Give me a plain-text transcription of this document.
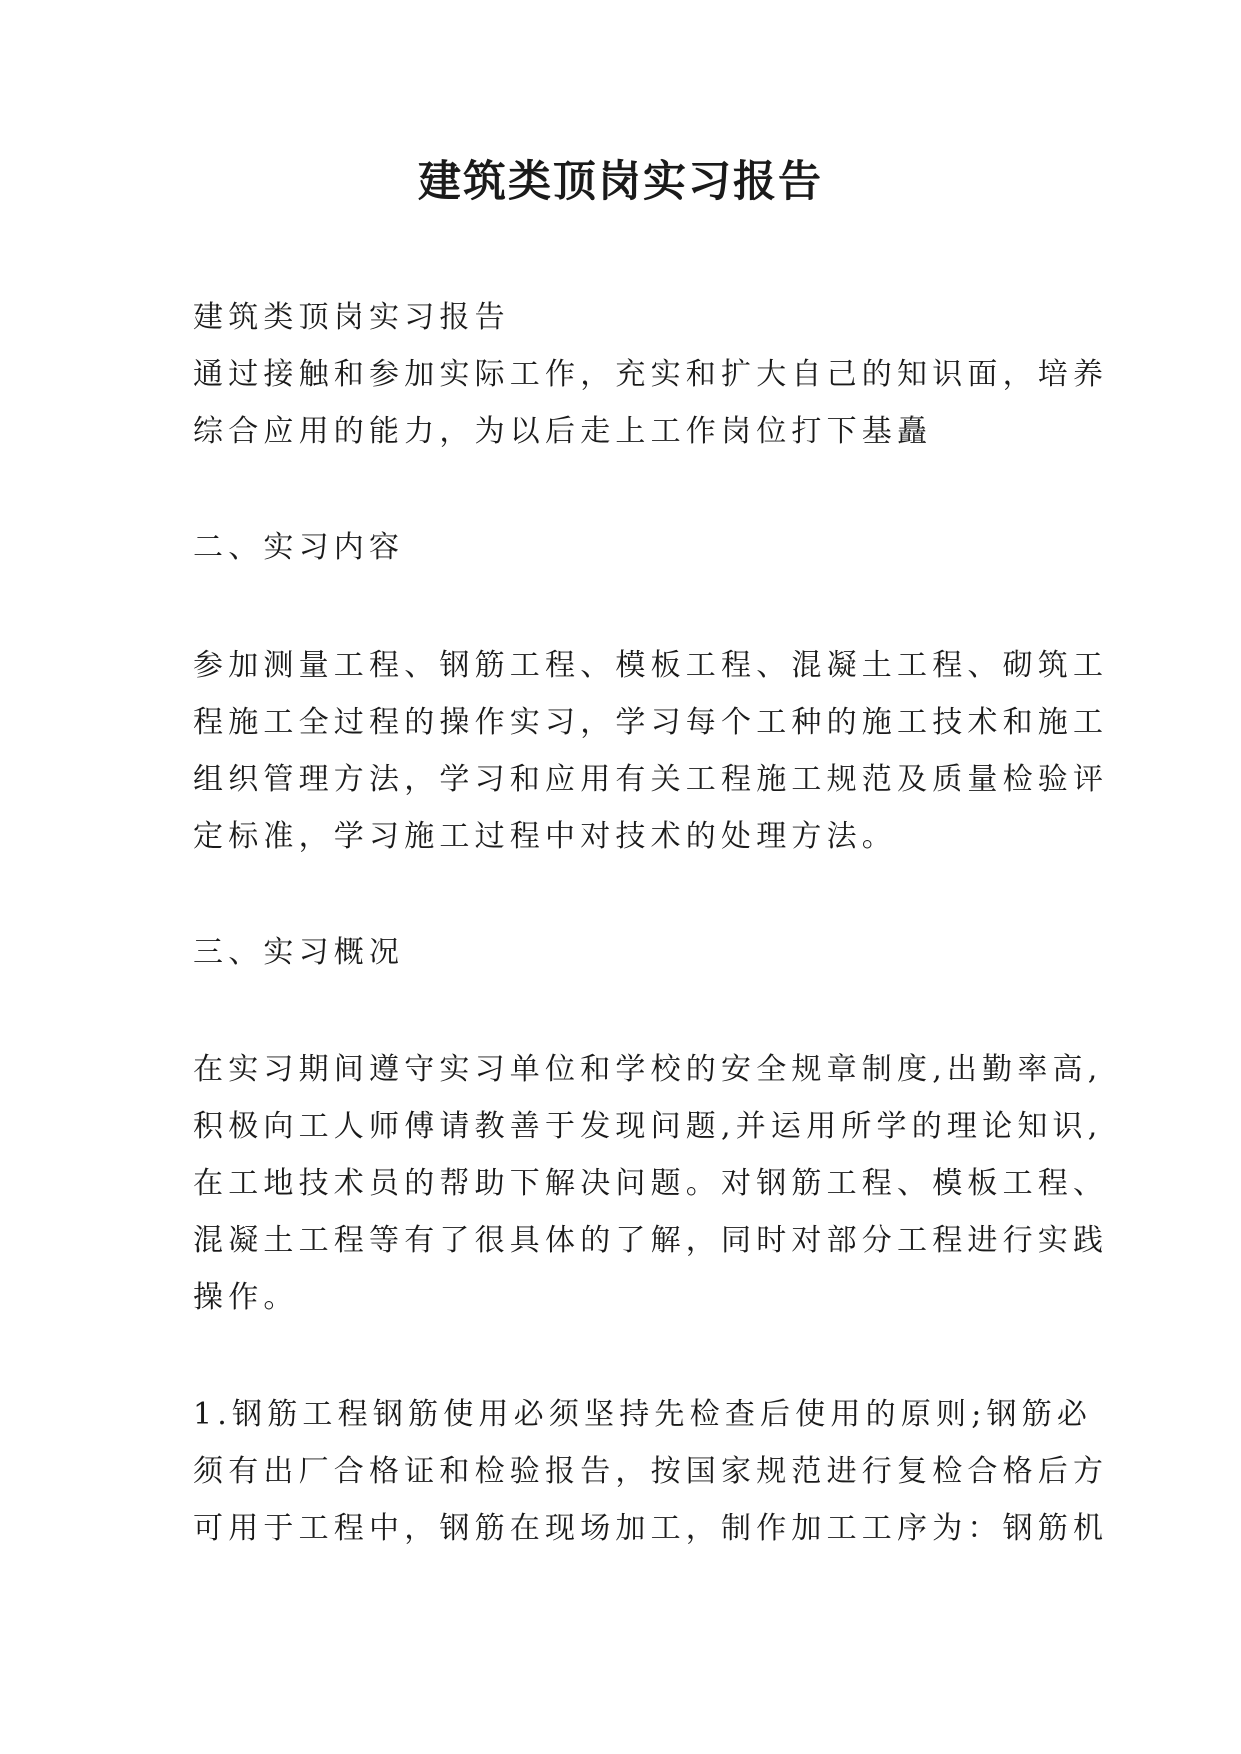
建筑类顶岗实习报告

建筑类顶岗实习报告

通过接触和参加实际工作，充实和扩大自己的知识面，培养

综合应用的能力，为以后走上工作岗位打下基矗

二、实习内容

参加测量工程、钢筋工程、模板工程、混凝土工程、砌筑工

程施工全过程的操作实习，学习每个工种的施工技术和施工

组织管理方法，学习和应用有关工程施工规范及质量检验评

定标准，学习施工过程中对技术的处理方法。

三、实习概况

在实习期间遵守实习单位和学校的安全规章制度,出勤率高,

积极向工人师傅请教善于发现问题,并运用所学的理论知识,

在工地技术员的帮助下解决问题。对钢筋工程、模板工程、

混凝土工程等有了很具体的了解，同时对部分工程进行实践

操作。

1.钢筋工程钢筋使用必须坚持先检查后使用的原则;钢筋必

须有出厂合格证和检验报告，按国家规范进行复检合格后方

可用于工程中，钢筋在现场加工，制作加工工序为：钢筋机
